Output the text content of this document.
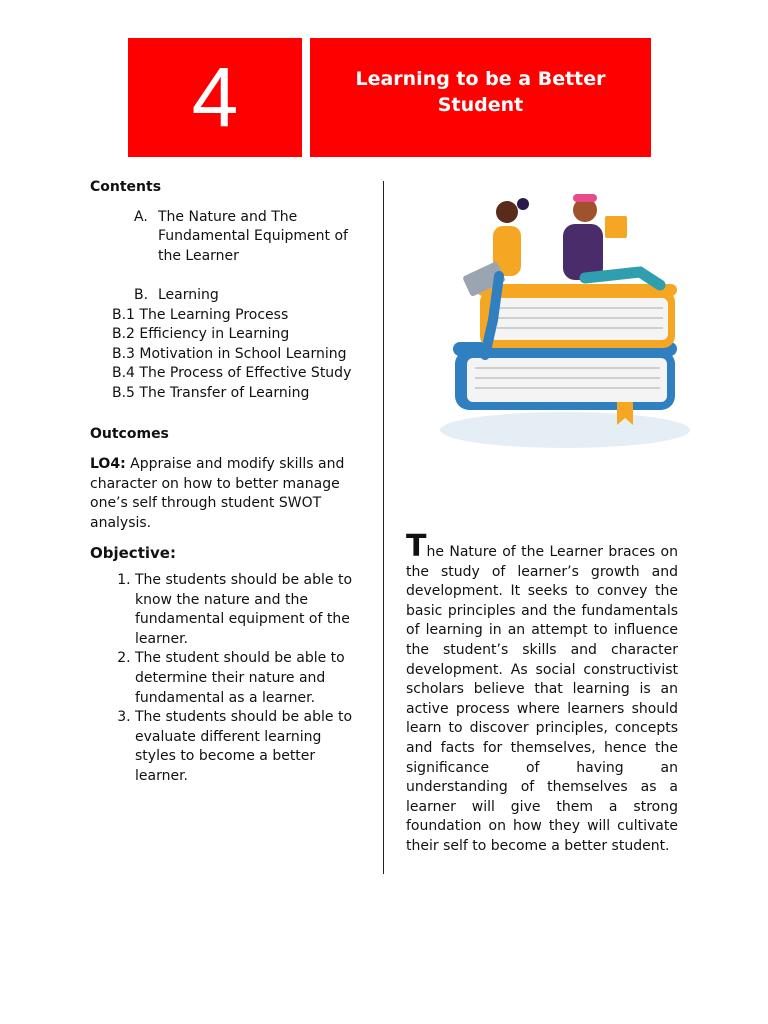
4	Learning to be a Better Student
Contents
A. The Nature and The Fundamental Equipment of the Learner
B. Learning
B.1 The Learning Process
B.2 Efficiency in Learning
B.3 Motivation in School Learning
B.4 The Process of Effective Study
B.5 The Transfer of Learning
Outcomes
LO4: Appraise and modify skills and character on how to better manage one’s self through student SWOT analysis.
Objective:
1. The students should be able to know the nature and the fundamental equipment of the learner.
2. The student should be able to determine their nature and fundamental as a learner.
3. The students should be able to evaluate different learning styles to become a better learner.
The Nature of the Learner braces on the study of learner’s growth and development. It seeks to convey the basic principles and the fundamentals of learning in an attempt to influence the student’s skills and character development. As social constructivist scholars believe that learning is an active process where learners should learn to discover principles, concepts and facts for themselves, hence the significance of having an understanding of themselves as a learner will give them a strong foundation on how they will cultivate their self to become a better student.
